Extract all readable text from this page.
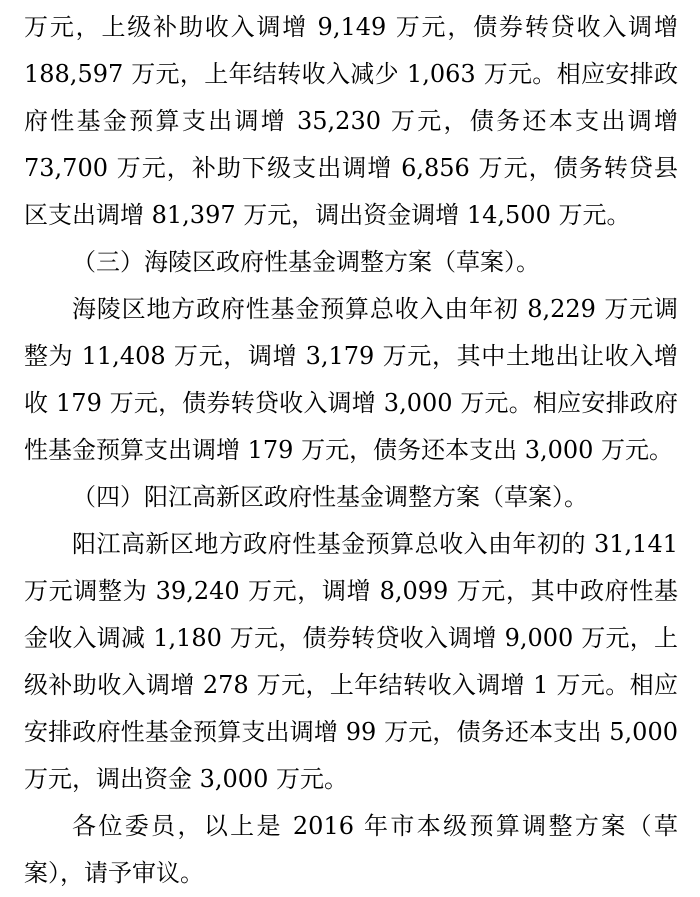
万元，上级补助收入调增 9,149 万元，债券转贷收入调增 188,597 万元，上年结转收入减少 1,063 万元。相应安排政府性基金预算支出调增 35,230 万元，债务还本支出调增 73,700 万元，补助下级支出调增 6,856 万元，债务转贷县区支出调增 81,397 万元，调出资金调增 14,500 万元。

（三）海陵区政府性基金调整方案（草案）。

海陵区地方政府性基金预算总收入由年初 8,229 万元调整为 11,408 万元，调增 3,179 万元，其中土地出让收入增收 179 万元，债券转贷收入调增 3,000 万元。相应安排政府性基金预算支出调增 179 万元，债务还本支出 3,000 万元。

（四）阳江高新区政府性基金调整方案（草案）。

阳江高新区地方政府性基金预算总收入由年初的 31,141 万元调整为 39,240 万元，调增 8,099 万元，其中政府性基金收入调减 1,180 万元，债券转贷收入调增 9,000 万元，上级补助收入调增 278 万元，上年结转收入调增 1 万元。相应安排政府性基金预算支出调增 99 万元，债务还本支出 5,000 万元，调出资金 3,000 万元。

各位委员，以上是 2016 年市本级预算调整方案（草案），请予审议。
